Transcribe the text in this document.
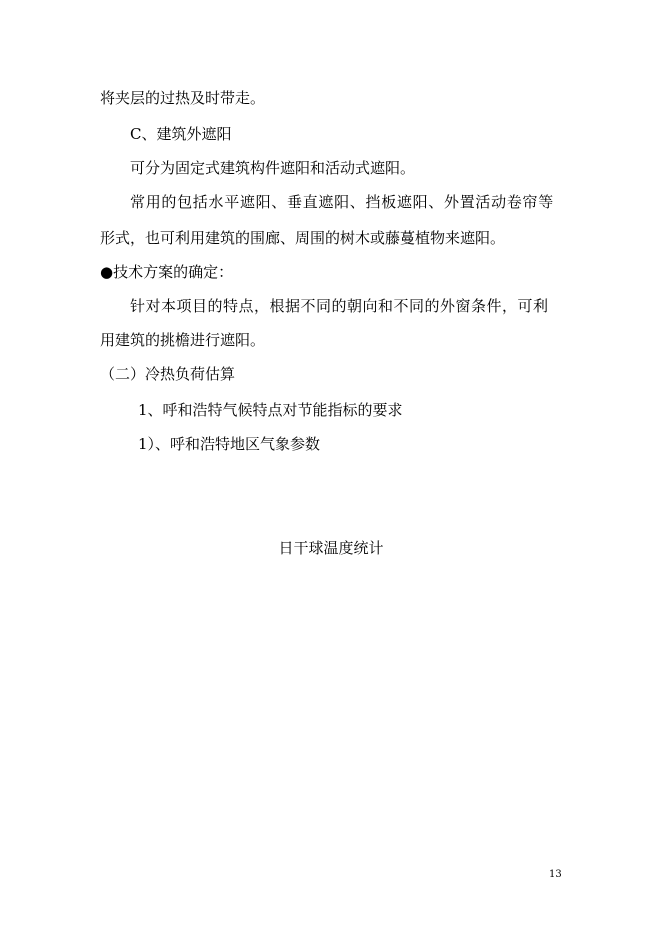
将夹层的过热及时带走。
C、建筑外遮阳
可分为固定式建筑构件遮阳和活动式遮阳。
常用的包括水平遮阳、垂直遮阳、挡板遮阳、外置活动卷帘等
形式，也可利用建筑的围廊、周围的树木或藤蔓植物来遮阳。
●技术方案的确定：
针对本项目的特点，根据不同的朝向和不同的外窗条件，可利
用建筑的挑檐进行遮阳。
（二）冷热负荷估算
1、呼和浩特气候特点对节能指标的要求
1）、呼和浩特地区气象参数
日干球温度统计
13
